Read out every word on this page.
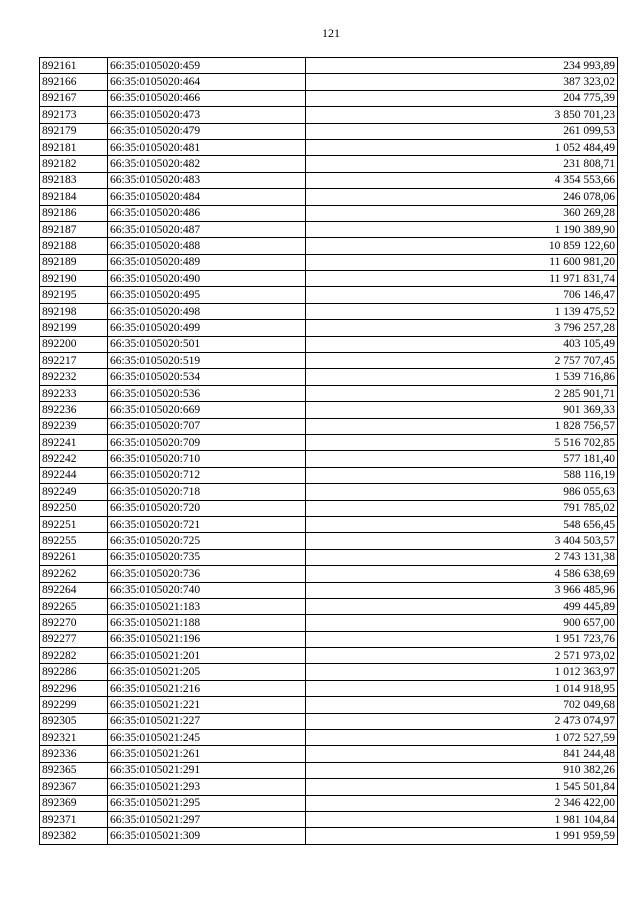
121
892161	66:35:0105020:459	234 993,89
892166	66:35:0105020:464	387 323,02
892167	66:35:0105020:466	204 775,39
892173	66:35:0105020:473	3 850 701,23
892179	66:35:0105020:479	261 099,53
892181	66:35:0105020:481	1 052 484,49
892182	66:35:0105020:482	231 808,71
892183	66:35:0105020:483	4 354 553,66
892184	66:35:0105020:484	246 078,06
892186	66:35:0105020:486	360 269,28
892187	66:35:0105020:487	1 190 389,90
892188	66:35:0105020:488	10 859 122,60
892189	66:35:0105020:489	11 600 981,20
892190	66:35:0105020:490	11 971 831,74
892195	66:35:0105020:495	706 146,47
892198	66:35:0105020:498	1 139 475,52
892199	66:35:0105020:499	3 796 257,28
892200	66:35:0105020:501	403 105,49
892217	66:35:0105020:519	2 757 707,45
892232	66:35:0105020:534	1 539 716,86
892233	66:35:0105020:536	2 285 901,71
892236	66:35:0105020:669	901 369,33
892239	66:35:0105020:707	1 828 756,57
892241	66:35:0105020:709	5 516 702,85
892242	66:35:0105020:710	577 181,40
892244	66:35:0105020:712	588 116,19
892249	66:35:0105020:718	986 055,63
892250	66:35:0105020:720	791 785,02
892251	66:35:0105020:721	548 656,45
892255	66:35:0105020:725	3 404 503,57
892261	66:35:0105020:735	2 743 131,38
892262	66:35:0105020:736	4 586 638,69
892264	66:35:0105020:740	3 966 485,96
892265	66:35:0105021:183	499 445,89
892270	66:35:0105021:188	900 657,00
892277	66:35:0105021:196	1 951 723,76
892282	66:35:0105021:201	2 571 973,02
892286	66:35:0105021:205	1 012 363,97
892296	66:35:0105021:216	1 014 918,95
892299	66:35:0105021:221	702 049,68
892305	66:35:0105021:227	2 473 074,97
892321	66:35:0105021:245	1 072 527,59
892336	66:35:0105021:261	841 244,48
892365	66:35:0105021:291	910 382,26
892367	66:35:0105021:293	1 545 501,84
892369	66:35:0105021:295	2 346 422,00
892371	66:35:0105021:297	1 981 104,84
892382	66:35:0105021:309	1 991 959,59
